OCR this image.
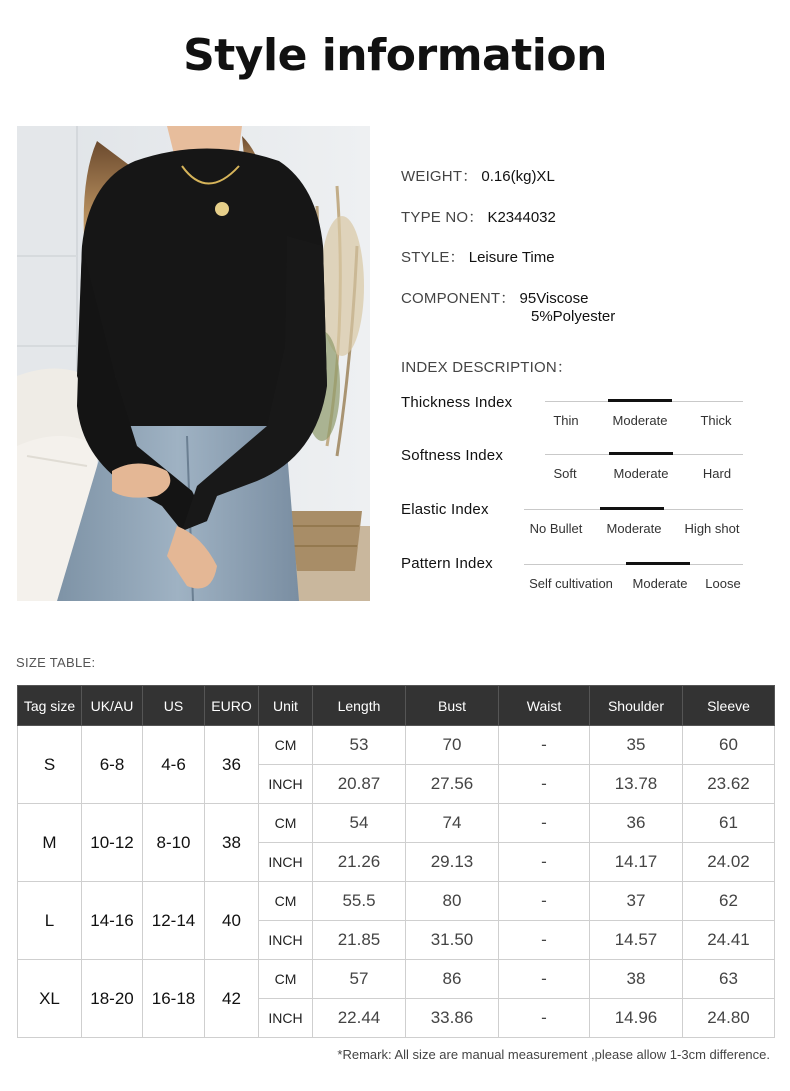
Style information
WEIGHT： 0.16(kg)XL
TYPE NO： K2344032
STYLE： Leisure Time
COMPONENT： 95Viscose
5%Polyester
INDEX DESCRIPTION：
Thickness Index
Thin	Moderate	Thick
Softness Index
Soft	Moderate	Hard
Elastic Index
No Bullet Moderate High shot
Pattern Index
Self cultivation Moderate Loose
SIZE TABLE:
Tag size	UK/AU	US	EURO	Unit	Length	Bust	Waist	Shoulder	Sleeve
S	6-8	4-6	36	CM	53	70	-	35	60
				INCH	20.87	27.56	-	13.78	23.62
M	10-12	8-10	38	CM	54	74	-	36	61
				INCH	21.26	29.13	-	14.17	24.02
L	14-16	12-14	40	CM	55.5	80	-	37	62
				INCH	21.85	31.50	-	14.57	24.41
XL	18-20	16-18	42	CM	57	86	-	38	63
				INCH	22.44	33.86	-	14.96	24.80
*Remark: All size are manual measurement ,please allow 1-3cm difference.
